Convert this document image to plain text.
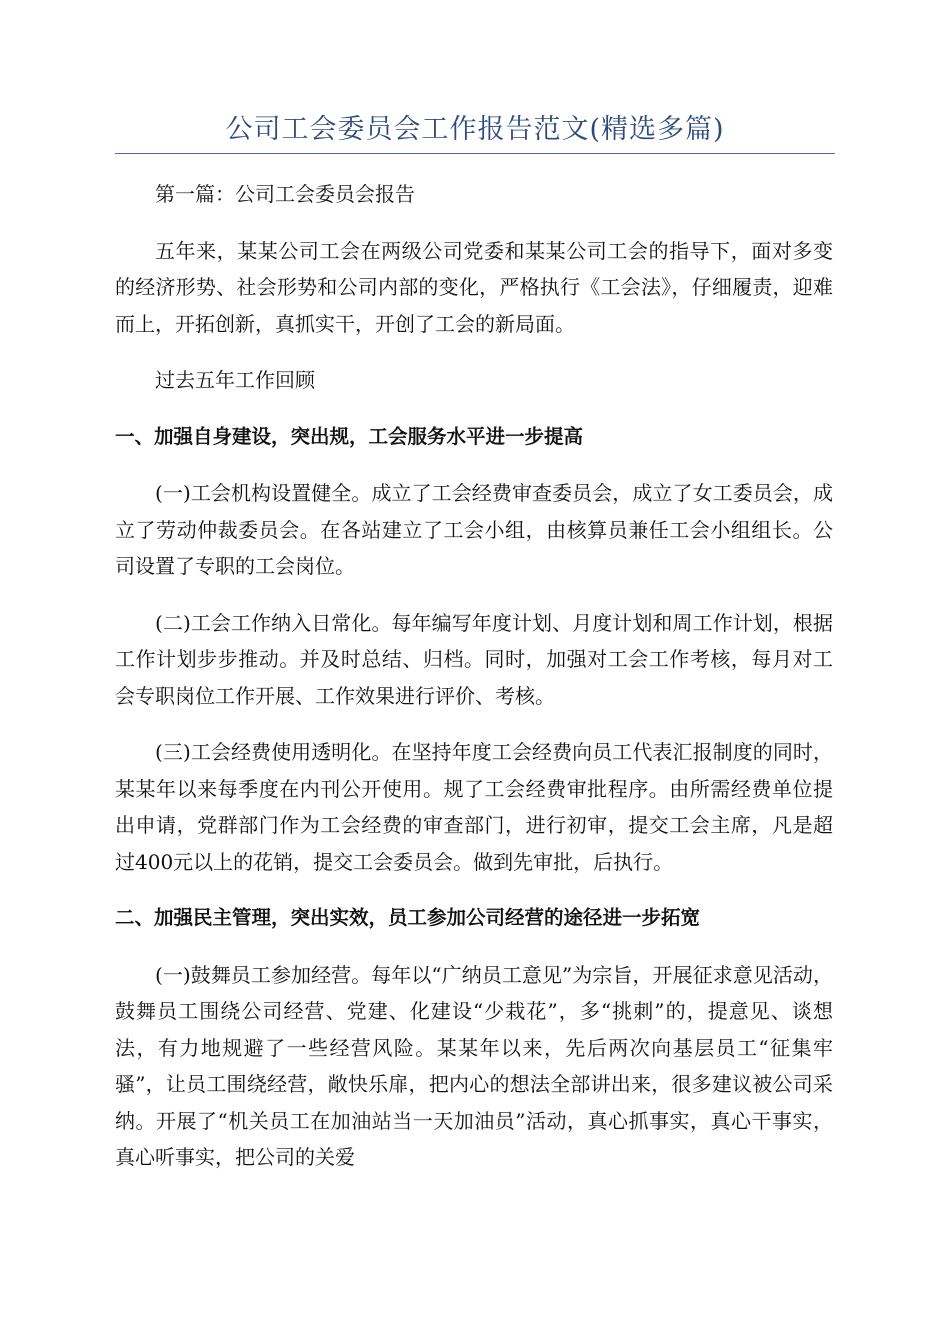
公司工会委员会工作报告范文(精选多篇)

第一篇：公司工会委员会报告

五年来，某某公司工会在两级公司党委和某某公司工会的指导下，面对多变的经济形势、社会形势和公司内部的变化，严格执行《工会法》，仔细履责，迎难而上，开拓创新，真抓实干，开创了工会的新局面。

过去五年工作回顾

一、加强自身建设，突出规，工会服务水平进一步提高

(一)工会机构设置健全。成立了工会经费审查委员会，成立了女工委员会，成立了劳动仲裁委员会。在各站建立了工会小组，由核算员兼任工会小组组长。公司设置了专职的工会岗位。

(二)工会工作纳入日常化。每年编写年度计划、月度计划和周工作计划，根据工作计划步步推动。并及时总结、归档。同时，加强对工会工作考核，每月对工会专职岗位工作开展、工作效果进行评价、考核。

(三)工会经费使用透明化。在坚持年度工会经费向员工代表汇报制度的同时，某某年以来每季度在内刊公开使用。规了工会经费审批程序。由所需经费单位提出申请，党群部门作为工会经费的审查部门，进行初审，提交工会主席，凡是超过400元以上的花销，提交工会委员会。做到先审批，后执行。

二、加强民主管理，突出实效，员工参加公司经营的途径进一步拓宽

(一)鼓舞员工参加经营。每年以“广纳员工意见”为宗旨，开展征求意见活动，鼓舞员工围绕公司经营、党建、化建设“少栽花”，多“挑刺”的，提意见、谈想法，有力地规避了一些经营风险。某某年以来，先后两次向基层员工“征集牢骚”，让员工围绕经营，敞快乐扉，把内心的想法全部讲出来，很多建议被公司采纳。开展了“机关员工在加油站当一天加油员”活动，真心抓事实，真心干事实，真心听事实，把公司的关爱
